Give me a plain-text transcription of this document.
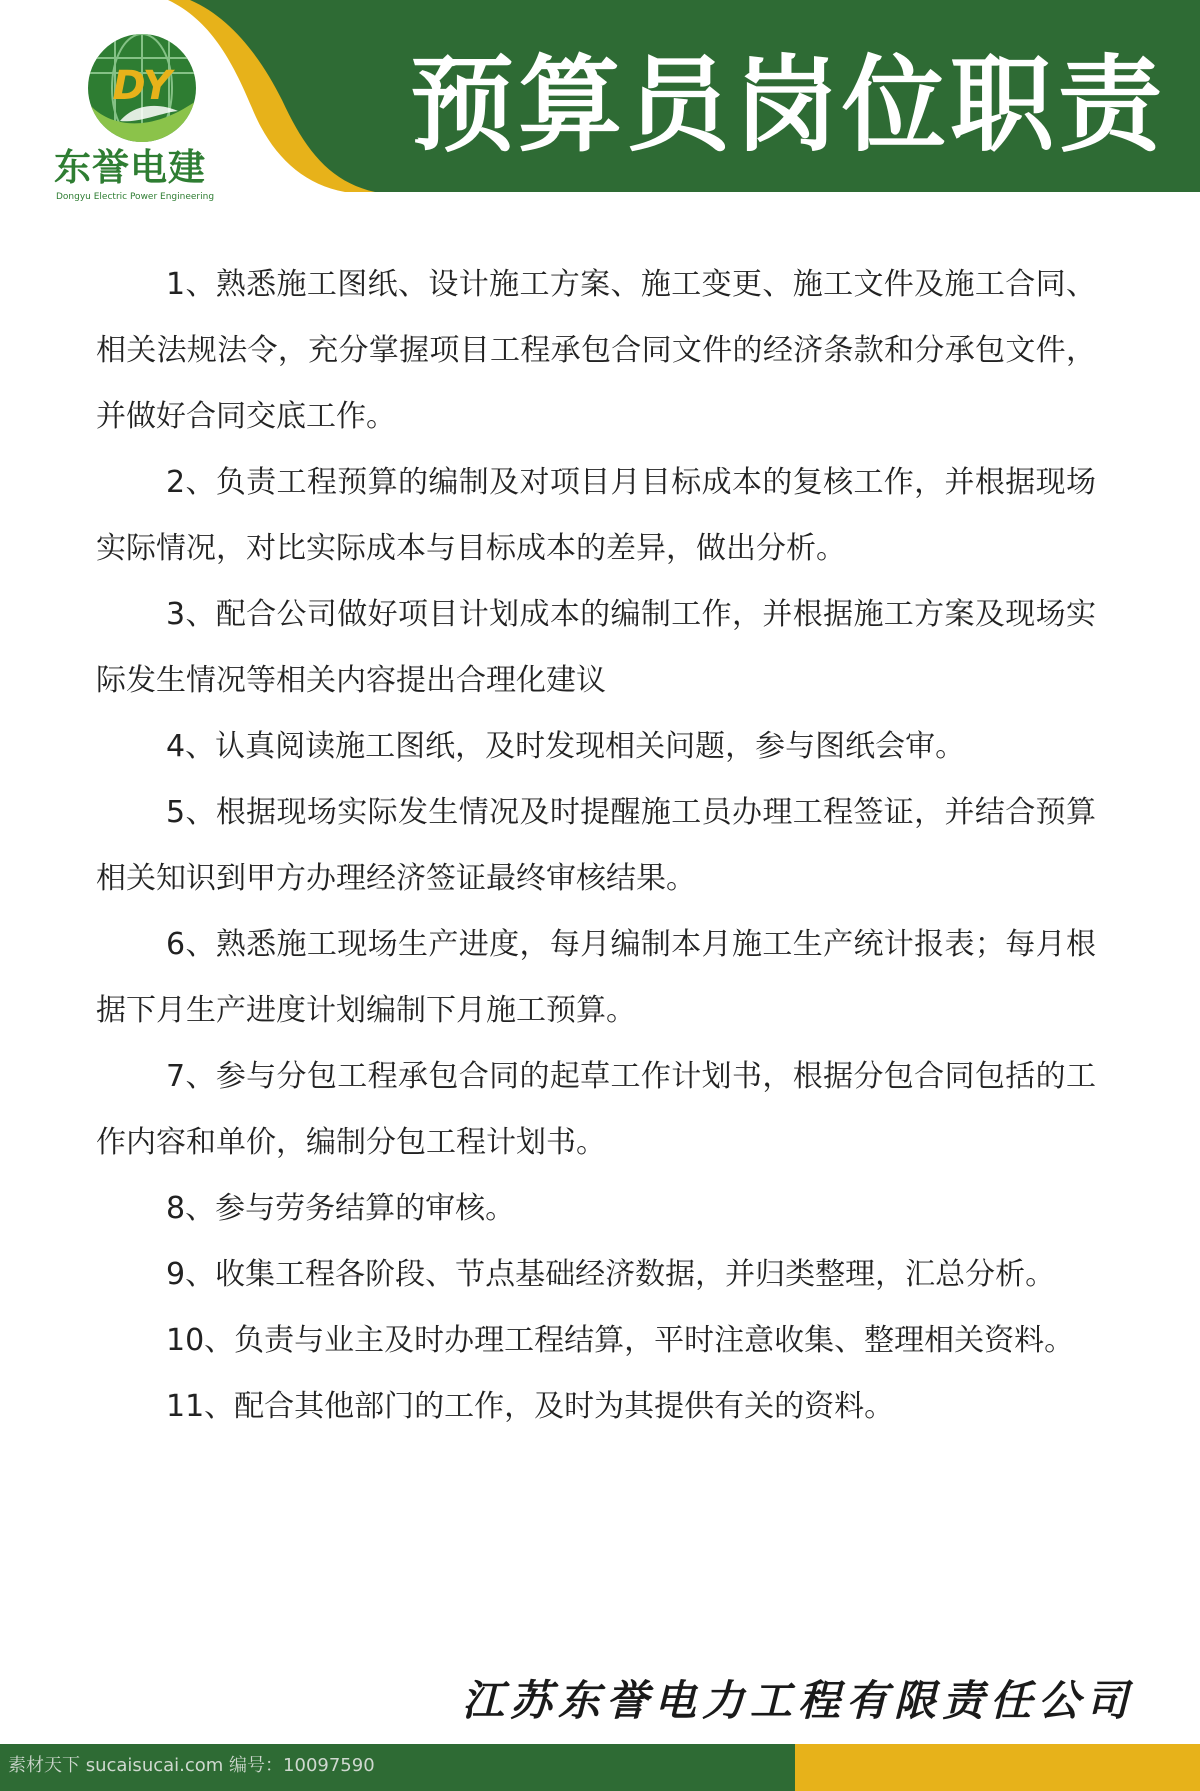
预算员岗位职责
DY
东誉电建
Dongyu Electric Power Engineering
1、熟悉施工图纸、设计施工方案、施工变更、施工文件及施工合同、相关法规法令，充分掌握项目工程承包合同文件的经济条款和分承包文件，并做好合同交底工作。
2、负责工程预算的编制及对项目月目标成本的复核工作，并根据现场实际情况，对比实际成本与目标成本的差异，做出分析。
3、配合公司做好项目计划成本的编制工作，并根据施工方案及现场实际发生情况等相关内容提出合理化建议
4、认真阅读施工图纸，及时发现相关问题，参与图纸会审。
5、根据现场实际发生情况及时提醒施工员办理工程签证，并结合预算相关知识到甲方办理经济签证最终审核结果。
6、熟悉施工现场生产进度，每月编制本月施工生产统计报表；每月根据下月生产进度计划编制下月施工预算。
7、参与分包工程承包合同的起草工作计划书，根据分包合同包括的工作内容和单价，编制分包工程计划书。
8、参与劳务结算的审核。
9、收集工程各阶段、节点基础经济数据，并归类整理，汇总分析。
10、负责与业主及时办理工程结算，平时注意收集、整理相关资料。
11、配合其他部门的工作，及时为其提供有关的资料。
江苏东誉电力工程有限责任公司
素材天下 sucaisucai.com 编号：10097590
